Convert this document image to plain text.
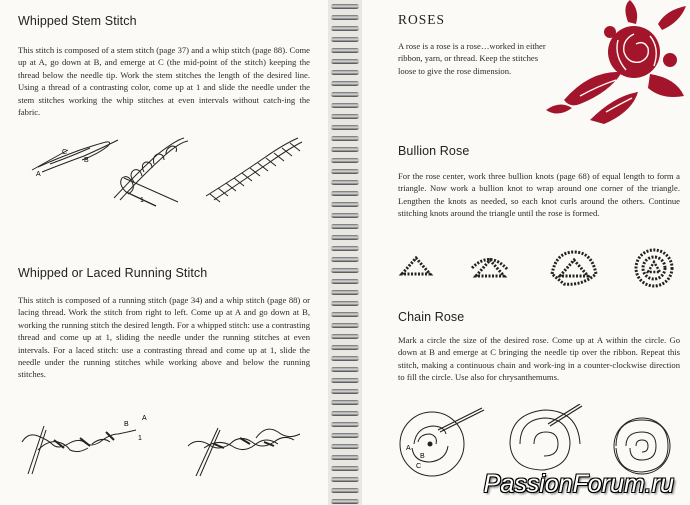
Whipped Stem Stitch

This stitch is composed of a stem stitch (page 37) and a whip stitch (page 88). Come up at A, go down at B, and emerge at C (the mid-point of the stitch) keeping the thread below the needle tip. Work the stem stitches the length of the desired line. Using a thread of a contrasting color, come up at 1 and slide the needle under the stem stitches working the whip stitches at even intervals without catch-ing the fabric.

A
C
B
1
Whipped or Laced Running Stitch

This stitch is composed of a running stitch (page 34) and a whip stitch (page 88) or lacing thread. Work the stitch from right to left. Come up at A and go down at B, working the running stitch the desired length. For a whipped stitch: use a contrasting thread and come up at 1, sliding the needle under the running stitches at even intervals. For a laced stitch: use a contrasting thread and come up at 1, slide the needle under the running stitches while working above and below the running stitches.

B
A
1
ROSES

A rose is a rose is a rose…worked in either ribbon, yarn, or thread. Keep the stitches loose to give the rose dimension.

Bullion Rose

For the rose center, work three bullion knots (page 68) of equal length to form a triangle. Now work a bullion knot to wrap around one corner of the triangle. Lengthen the knots as needed, so each knot curls around the others. Continue stitching knots around the triangle until the rose is formed.

Chain Rose

Mark a circle the size of the desired rose. Come up at A within the circle. Go down at B and emerge at C bringing the needle tip over the ribbon. Repeat this stitch, making a continuous chain and work-ing in a counter-clockwise direction to fill the circle. Use also for chrysanthemums.

A
B
C
PassionForum.ru
